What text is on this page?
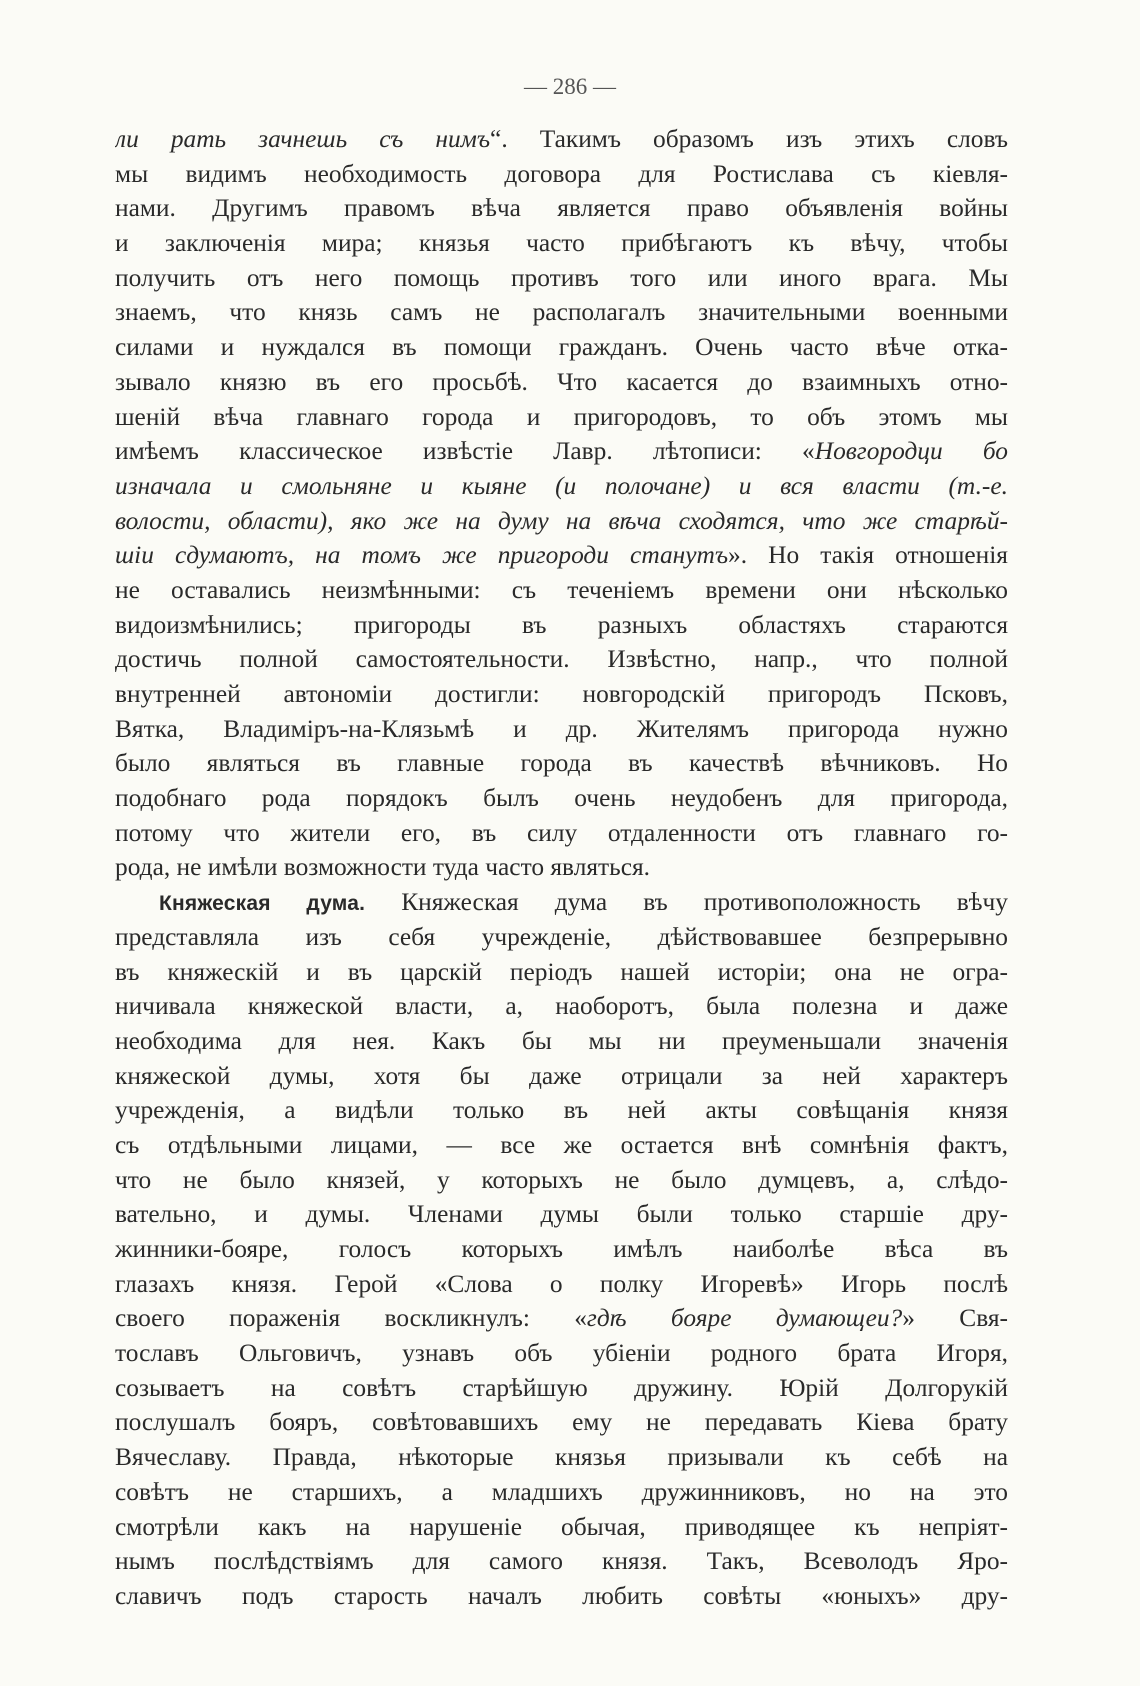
— 286 —
ли рать зачнешь съ нимъ“. Такимъ образомъ изъ этихъ словъ
мы видимъ необходимость договора для Ростислава съ кіевля-
нами. Другимъ правомъ вѣча является право объявленія войны
и заключенія мира; князья часто прибѣгаютъ къ вѣчу, чтобы
получить отъ него помощь противъ того или иного врага. Мы
знаемъ, что князь самъ не располагалъ значительными военными
силами и нуждался въ помощи гражданъ. Очень часто вѣче отка-
зывало князю въ его просьбѣ. Что касается до взаимныхъ отно-
шеній вѣча главнаго города и пригородовъ, то объ этомъ мы
имѣемъ классическое извѣстіе Лавр. лѣтописи: «Новгородци бо
изначала и смольняне и кыяне (и полочане) и вся власти (т.-е.
волости, области), яко же на думу на вѣча сходятся, что же старѣй-
шіи сдумаютъ, на томъ же пригороди станутъ». Но такія отношенія
не оставались неизмѣнными: съ теченіемъ времени они нѣсколько
видоизмѣнились; пригороды въ разныхъ областяхъ стараются
достичь полной самостоятельности. Извѣстно, напр., что полной
внутренней автономіи достигли: новгородскій пригородъ Псковъ,
Вятка, Владиміръ-на-Клязьмѣ и др. Жителямъ пригорода нужно
было являться въ главные города въ качествѣ вѣчниковъ. Но
подобнаго рода порядокъ былъ очень неудобенъ для пригорода,
потому что жители его, въ силу отдаленности отъ главнаго го-
рода, не имѣли возможности туда часто являться.
Княжеская дума. Княжеская дума въ противоположность вѣчу
представляла изъ себя учрежденіе, дѣйствовавшее безпрерывно
въ княжескій и въ царскій періодъ нашей исторіи; она не огра-
ничивала княжеской власти, а, наоборотъ, была полезна и даже
необходима для нея. Какъ бы мы ни преуменьшали значенія
княжеской думы, хотя бы даже отрицали за ней характеръ
учрежденія, а видѣли только въ ней акты совѣщанія князя
съ отдѣльными лицами, — все же остается внѣ сомнѣнія фактъ,
что не было князей, у которыхъ не было думцевъ, а, слѣдо-
вательно, и думы. Членами думы были только старшіе дру-
жинники-бояре, голосъ которыхъ имѣлъ наиболѣе вѣса въ
глазахъ князя. Герой «Слова о полку Игоревѣ» Игорь послѣ
своего пораженія воскликнулъ: «гдѣ бояре думающеи?» Свя-
тославъ Ольговичъ, узнавъ объ убіеніи родного брата Игоря,
созываетъ на совѣтъ старѣйшую дружину. Юрій Долгорукій
послушалъ бояръ, совѣтовавшихъ ему не передавать Кіева брату
Вячеславу. Правда, нѣкоторые князья призывали къ себѣ на
совѣтъ не старшихъ, а младшихъ дружинниковъ, но на это
смотрѣли какъ на нарушеніе обычая, приводящее къ непріят-
нымъ послѣдствіямъ для самого князя. Такъ, Всеволодъ Яро-
славичъ подъ старость началъ любить совѣты «юныхъ» дру-
